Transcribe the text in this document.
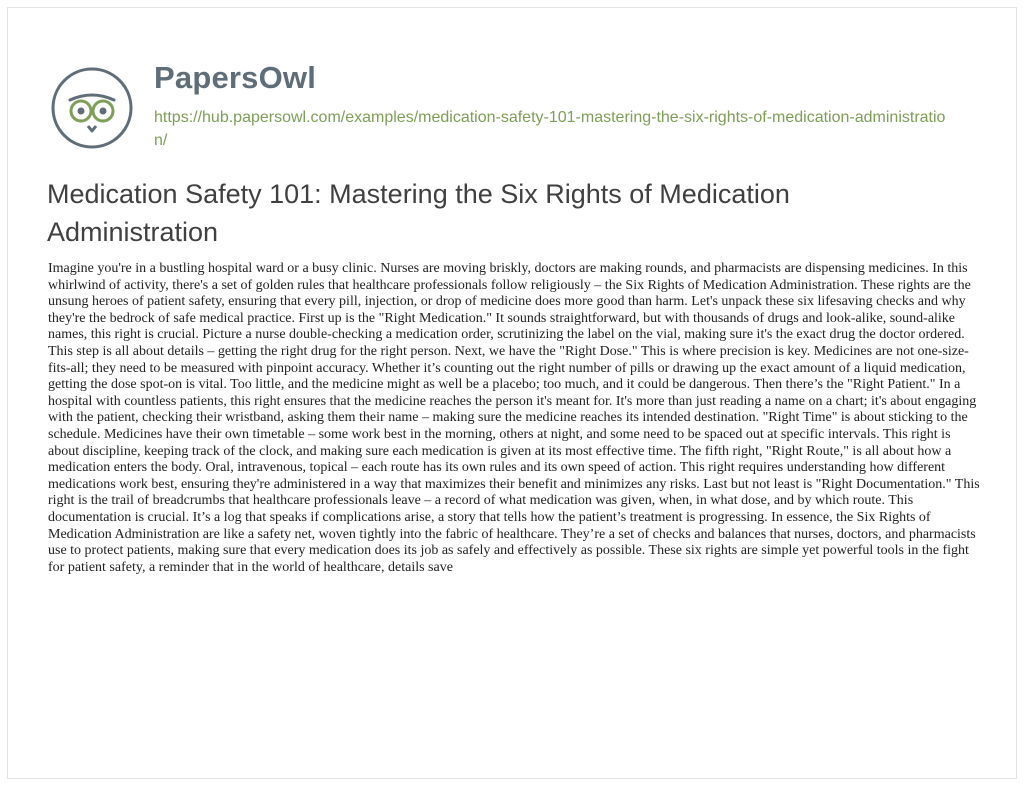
PapersOwl
https://hub.papersowl.com/examples/medication-safety-101-mastering-the-six-rights-of-medication-administration/
Medication Safety 101: Mastering the Six Rights of Medication Administration

Imagine you're in a bustling hospital ward or a busy clinic. Nurses are moving briskly, doctors are making rounds, and pharmacists are dispensing medicines. In this whirlwind of activity, there's a set of golden rules that healthcare professionals follow religiously – the Six Rights of Medication Administration. These rights are the unsung heroes of patient safety, ensuring that every pill, injection, or drop of medicine does more good than harm. Let's unpack these six lifesaving checks and why they're the bedrock of safe medical practice. First up is the "Right Medication." It sounds straightforward, but with thousands of drugs and look-alike, sound-alike names, this right is crucial. Picture a nurse double-checking a medication order, scrutinizing the label on the vial, making sure it's the exact drug the doctor ordered. This step is all about details – getting the right drug for the right person. Next, we have the "Right Dose." This is where precision is key. Medicines are not one-size-fits-all; they need to be measured with pinpoint accuracy. Whether it’s counting out the right number of pills or drawing up the exact amount of a liquid medication, getting the dose spot-on is vital. Too little, and the medicine might as well be a placebo; too much, and it could be dangerous. Then there’s the "Right Patient." In a hospital with countless patients, this right ensures that the medicine reaches the person it's meant for. It's more than just reading a name on a chart; it's about engaging with the patient, checking their wristband, asking them their name – making sure the medicine reaches its intended destination. "Right Time" is about sticking to the schedule. Medicines have their own timetable – some work best in the morning, others at night, and some need to be spaced out at specific intervals. This right is about discipline, keeping track of the clock, and making sure each medication is given at its most effective time. The fifth right, "Right Route," is all about how a medication enters the body. Oral, intravenous, topical – each route has its own rules and its own speed of action. This right requires understanding how different medications work best, ensuring they're administered in a way that maximizes their benefit and minimizes any risks. Last but not least is "Right Documentation." This right is the trail of breadcrumbs that healthcare professionals leave – a record of what medication was given, when, in what dose, and by which route. This documentation is crucial. It’s a log that speaks if complications arise, a story that tells how the patient’s treatment is progressing. In essence, the Six Rights of Medication Administration are like a safety net, woven tightly into the fabric of healthcare. They’re a set of checks and balances that nurses, doctors, and pharmacists use to protect patients, making sure that every medication does its job as safely and effectively as possible. These six rights are simple yet powerful tools in the fight for patient safety, a reminder that in the world of healthcare, details save
